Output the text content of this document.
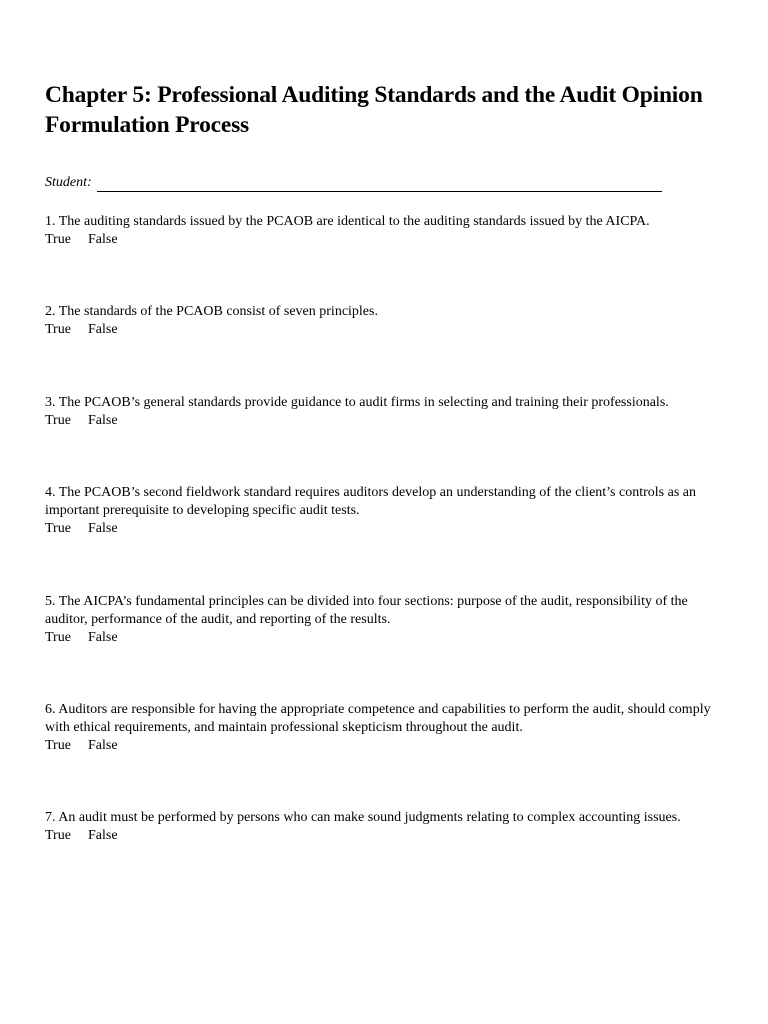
Chapter 5: Professional Auditing Standards and the Audit Opinion Formulation Process
Student:

1. The auditing standards issued by the PCAOB are identical to the auditing standards issued by the AICPA.

True	False

2. The standards of the PCAOB consist of seven principles.

True	False

3. The PCAOB’s general standards provide guidance to audit firms in selecting and training their professionals.

True	False

4. The PCAOB’s second fieldwork standard requires auditors develop an understanding of the client’s controls as an important prerequisite to developing specific audit tests.

True	False

5. The AICPA’s fundamental principles can be divided into four sections: purpose of the audit, responsibility of the auditor, performance of the audit, and reporting of the results.

True	False

6. Auditors are responsible for having the appropriate competence and capabilities to perform the audit, should comply with ethical requirements, and maintain professional skepticism throughout the audit.

True	False

7. An audit must be performed by persons who can make sound judgments relating to complex accounting issues.

True	False
